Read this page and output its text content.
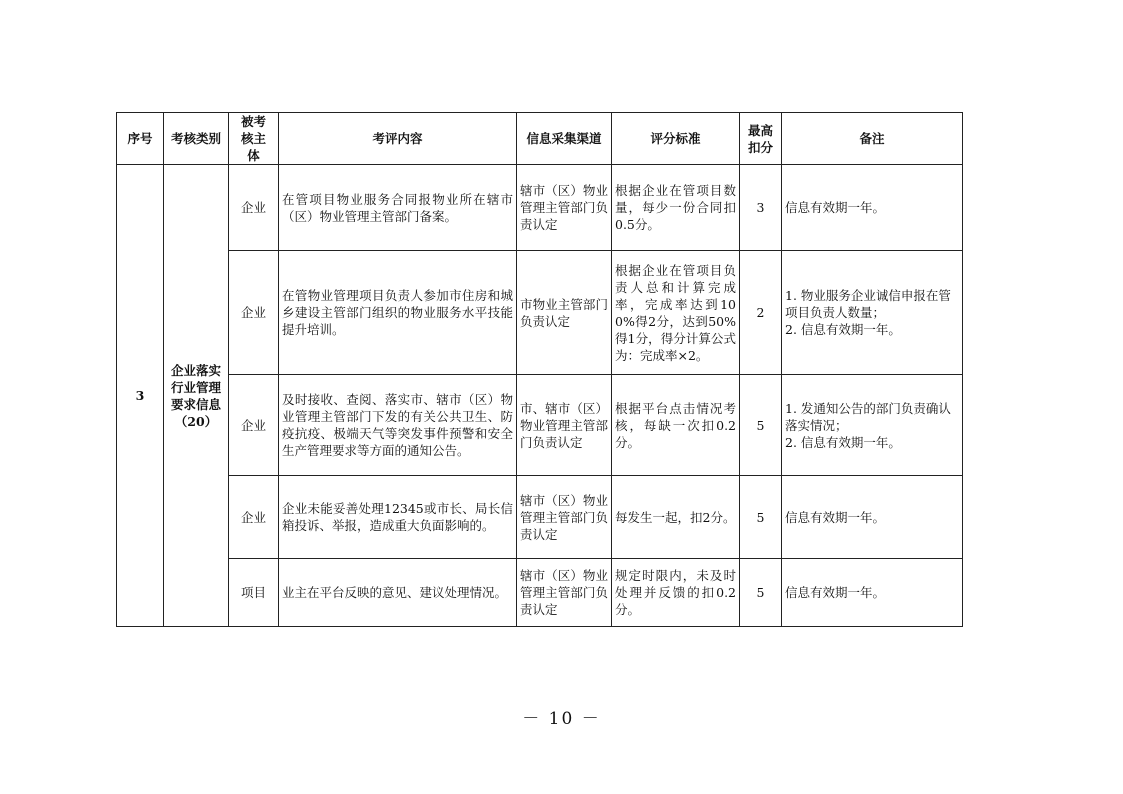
序号	考核类别	被考核主体	考评内容	信息采集渠道	评分标准	最高扣分	备注
3	企业落实行业管理要求信息（20）	企业	在管项目物业服务合同报物业所在辖市（区）物业管理主管部门备案。	辖市（区）物业管理主管部门负责认定	根据企业在管项目数量，每少一份合同扣0.5分。	3	信息有效期一年。

		企业	在管物业管理项目负责人参加市住房和城乡建设主管部门组织的物业服务水平技能提升培训。	市物业主管部门负责认定	根据企业在管项目负责人总和计算完成率，完成率达到100%得2分，达到50%得1分，得分计算公式为：完成率×2。	2	1. 物业服务企业诚信申报在管项目负责人数量；
2. 信息有效期一年。

		企业	及时接收、查阅、落实市、辖市（区）物业管理主管部门下发的有关公共卫生、防疫抗疫、极端天气等突发事件预警和安全生产管理要求等方面的通知公告。	市、辖市（区）物业管理主管部门负责认定	根据平台点击情况考核，每缺一次扣0.2分。	5	1. 发通知公告的部门负责确认落实情况；
2. 信息有效期一年。

		企业	企业未能妥善处理12345或市长、局长信箱投诉、举报，造成重大负面影响的。	辖市（区）物业管理主管部门负责认定	每发生一起，扣2分。	5	信息有效期一年。

		项目	业主在平台反映的意见、建议处理情况。	辖市（区）物业管理主管部门负责认定	规定时限内，未及时处理并反馈的扣0.2分。	5	信息有效期一年。
－ 10 －
